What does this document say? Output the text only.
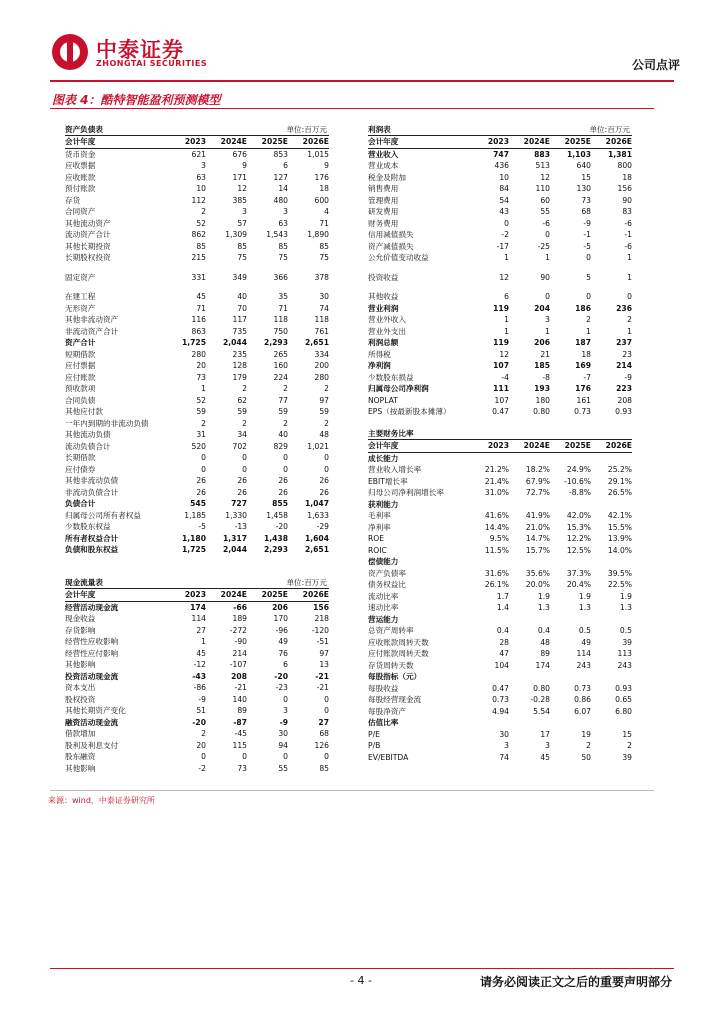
中泰证券
ZHONGTAI SECURITIES	公司点评
图表 4：酷特智能盈利预测模型
资产负债表	单位:百万元
会计年度	2023	2024E	2025E	2026E
货币资金	621	676	853	1,015
应收票据	3	9	6	9
应收账款	63	171	127	176
预付账款	10	12	14	18
存货	112	385	480	600
合同资产	2	3	3	4
其他流动资产	52	57	63	71
流动资产合计	862	1,309	1,543	1,890
其他长期投资	85	85	85	85
长期股权投资	215	75	75	75
固定资产	331	349	366	378
在建工程	45	40	35	30
无形资产	71	70	71	74
其他非流动资产	116	117	118	118
非流动资产合计	863	735	750	761
资产合计	1,725	2,044	2,293	2,651
短期借款	280	235	265	334
应付票据	20	128	160	200
应付账款	73	179	224	280
预收款项	1	2	2	2
合同负债	52	62	77	97
其他应付款	59	59	59	59
一年内到期的非流动负债	2	2	2	2
其他流动负债	31	34	40	48
流动负债合计	520	702	829	1,021
长期借款	0	0	0	0
应付债券	0	0	0	0
其他非流动负债	26	26	26	26
非流动负债合计	26	26	26	26
负债合计	545	727	855	1,047
归属母公司所有者权益	1,185	1,330	1,458	1,633
少数股东权益	-5	-13	-20	-29
所有者权益合计	1,180	1,317	1,438	1,604
负债和股东权益	1,725	2,044	2,293	2,651
现金流量表	单位:百万元
会计年度	2023	2024E	2025E	2026E
经营活动现金流	174	-66	206	156
现金收益	114	189	170	218
存货影响	27	-272	-96	-120
经营性应收影响	1	-90	49	-51
经营性应付影响	45	214	76	97
其他影响	-12	-107	6	13
投资活动现金流	-43	208	-20	-21
资本支出	-86	-21	-23	-21
股权投资	-9	140	0	0
其他长期资产变化	51	89	3	0
融资活动现金流	-20	-87	-9	27
借款增加	2	-45	30	68
股利及利息支付	20	115	94	126
股东融资	0	0	0	0
其他影响	-2	73	55	85
利润表	单位:百万元
会计年度	2023	2024E	2025E	2026E
营业收入	747	883	1,103	1,381
营业成本	436	513	640	800
税金及附加	10	12	15	18
销售费用	84	110	130	156
管理费用	54	60	73	90
研发费用	43	55	68	83
财务费用	0	-6	-9	-6
信用减值损失	-2	0	-1	-1
资产减值损失	-17	-25	-5	-6
公允价值变动收益	1	1	0	1
投资收益	12	90	5	1
其他收益	6	0	0	0
营业利润	119	204	186	236
营业外收入	1	3	2	2
营业外支出	1	1	1	1
利润总额	119	206	187	237
所得税	12	21	18	23
净利润	107	185	169	214
少数股东损益	-4	-8	-7	-9
归属母公司净利润	111	193	176	223
NOPLAT	107	180	161	208
EPS（按最新股本摊薄）	0.47	0.80	0.73	0.93
主要财务比率
会计年度	2023	2024E	2025E	2026E
成长能力
营业收入增长率	21.2%	18.2%	24.9%	25.2%
EBIT增长率	21.4%	67.9%	-10.6%	29.1%
归母公司净利润增长率	31.0%	72.7%	-8.8%	26.5%
获利能力
毛利率	41.6%	41.9%	42.0%	42.1%
净利率	14.4%	21.0%	15.3%	15.5%
ROE	9.5%	14.7%	12.2%	13.9%
ROIC	11.5%	15.7%	12.5%	14.0%
偿债能力
资产负债率	31.6%	35.6%	37.3%	39.5%
债务权益比	26.1%	20.0%	20.4%	22.5%
流动比率	1.7	1.9	1.9	1.9
速动比率	1.4	1.3	1.3	1.3
营运能力
总资产周转率	0.4	0.4	0.5	0.5
应收账款周转天数	28	48	49	39
应付账款周转天数	47	89	114	113
存货周转天数	104	174	243	243
每股指标（元）
每股收益	0.47	0.80	0.73	0.93
每股经营现金流	0.73	-0.28	0.86	0.65
每股净资产	4.94	5.54	6.07	6.80
估值比率
P/E	30	17	19	15
P/B	3	3	2	2
EV/EBITDA	74	45	50	39
来源：wind，中泰证券研究所
- 4 -	请务必阅读正文之后的重要声明部分
